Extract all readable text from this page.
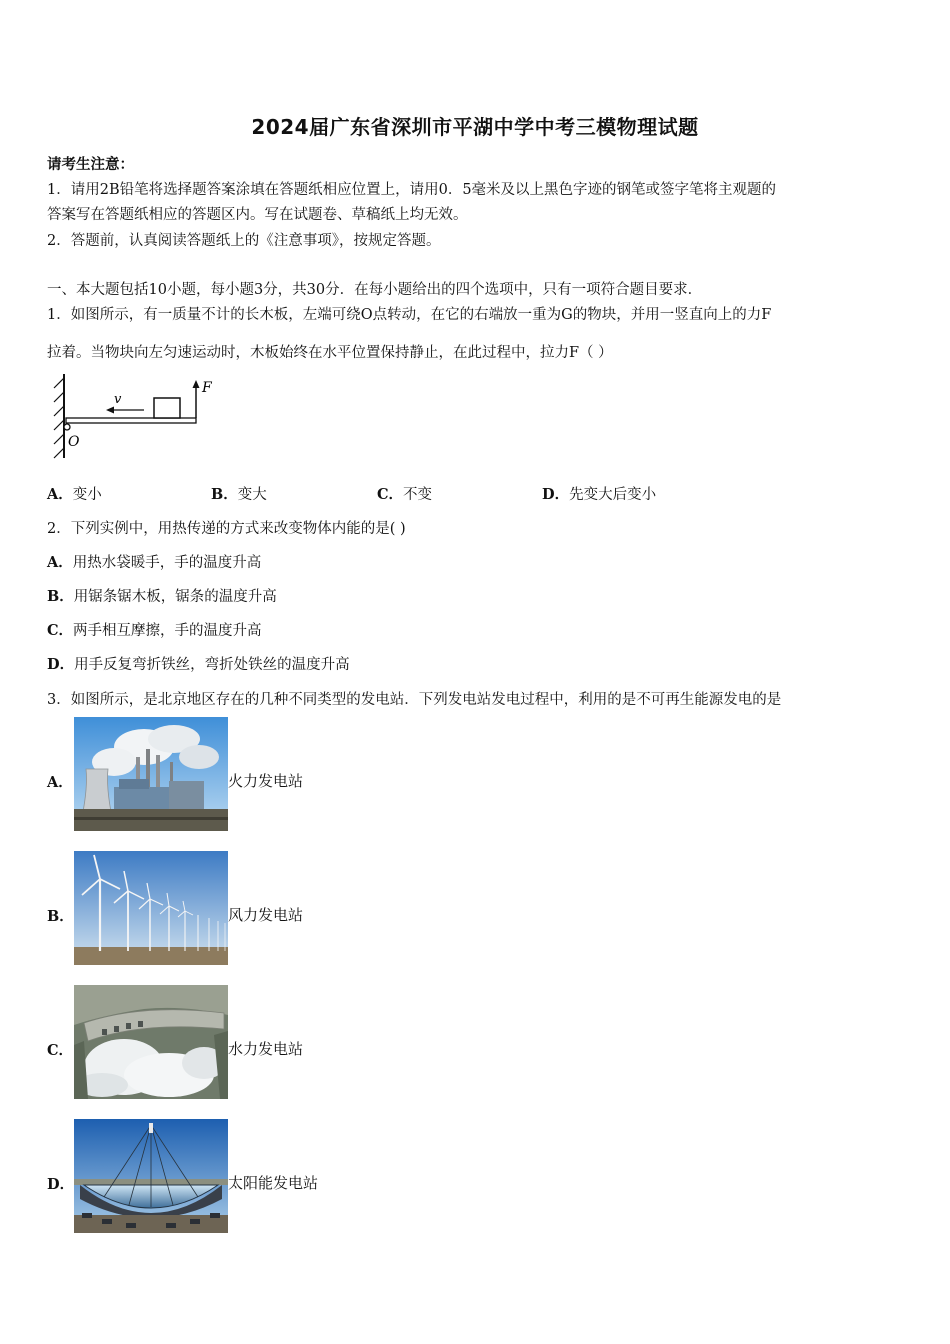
2024届广东省深圳市平湖中学中考三模物理试题
请考生注意：
1．请用2B铅笔将选择题答案涂填在答题纸相应位置上，请用0．5毫米及以上黑色字迹的钢笔或签字笔将主观题的
答案写在答题纸相应的答题区内。写在试题卷、草稿纸上均无效。
2．答题前，认真阅读答题纸上的《注意事项》，按规定答题。
一、本大题包括10小题，每小题3分，共30分．在每小题给出的四个选项中，只有一项符合题目要求．
1．如图所示，有一质量不计的长木板，左端可绕O点转动，在它的右端放一重为G的物块，并用一竖直向上的力F
拉着。当物块向左匀速运动时，木板始终在水平位置保持静止，在此过程中，拉力F（ ）
v
F
O
A．变小	B．变大	C．不变	D．先变大后变小
2．下列实例中，用热传递的方式来改变物体内能的是( )
A．用热水袋暖手，手的温度升高
B．用锯条锯木板，锯条的温度升高
C．两手相互摩擦，手的温度升高
D．用手反复弯折铁丝，弯折处铁丝的温度升高
3．如图所示，是北京地区存在的几种不同类型的发电站．下列发电站发电过程中，利用的是不可再生能源发电的是
A．	火力发电站
B．	风力发电站
C．	水力发电站
D．	太阳能发电站
